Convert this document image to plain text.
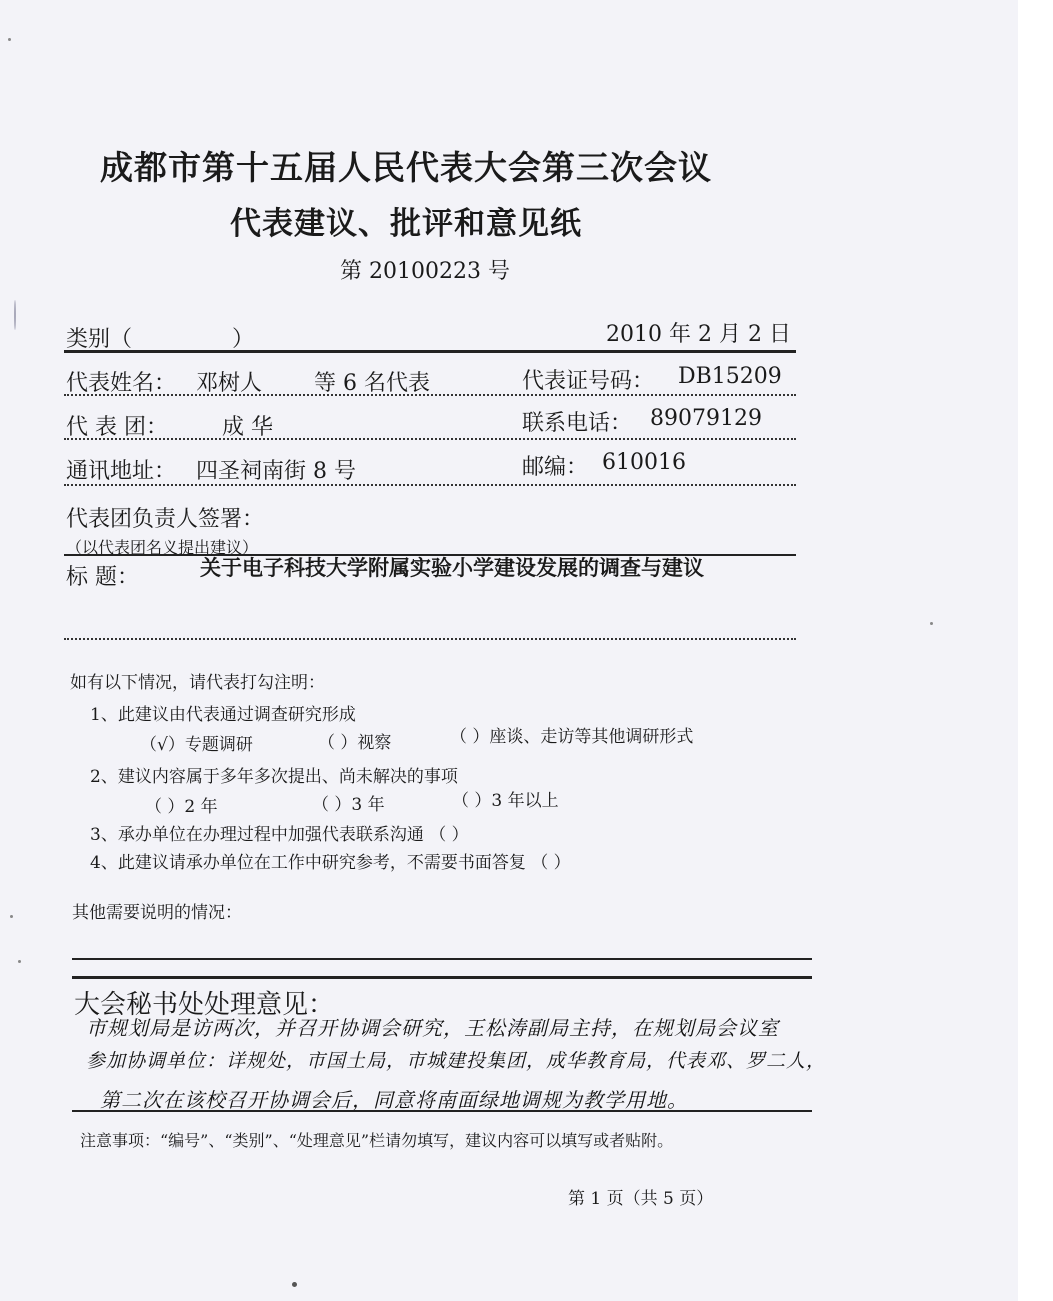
成都市第十五届人民代表大会第三次会议
代表建议、批评和意见纸
第 20100223 号
类别（	）	2010 年 2 月 2 日
代表姓名： 邓树人 等 6 名代表	代表证号码： DB15209
代 表 团： 成 华	联系电话： 89079129
通讯地址： 四圣祠南街 8 号	邮编： 610016
代表团负责人签署：
（以代表团名义提出建议）
标 题：	关于电子科技大学附属实验小学建设发展的调查与建议
如有以下情况，请代表打勾注明：
1、此建议由代表通过调查研究形成
（√）专题调研	（ ）视察	（ ）座谈、走访等其他调研形式
2、建议内容属于多年多次提出、尚未解决的事项
（ ）2 年	（ ）3 年	（ ）3 年以上
3、承办单位在办理过程中加强代表联系沟通 （ ）
4、此建议请承办单位在工作中研究参考，不需要书面答复 （ ）
其他需要说明的情况：
大会秘书处处理意见：
市规划局是访两次，并召开协调会研究，王松涛副局主持，在规划局会议室
参加协调单位：详规处，市国土局，市城建投集团，成华教育局，代表邓、罗二人，
第二次在该校召开协调会后，同意将南面绿地调规为教学用地。
注意事项：“编号”、“类别”、“处理意见”栏请勿填写，建议内容可以填写或者贴附。
第 1 页（共 5 页）
